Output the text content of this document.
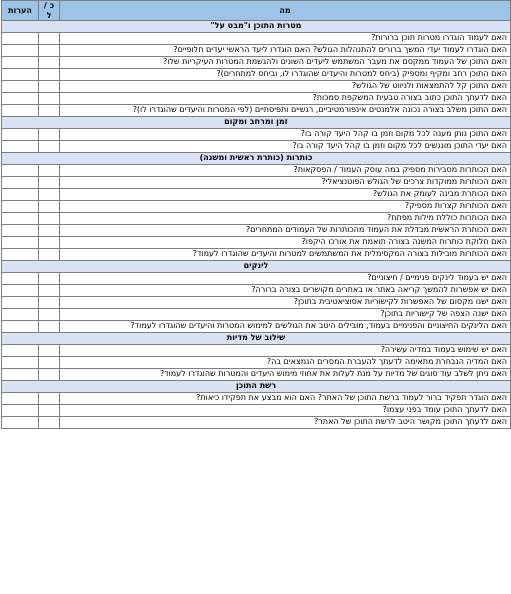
מה	כ / ל	הערות
מטרות התוכן ו"מבט על"		
האם לעמוד הוגדרו מטרות תוכן ברורות?		
האם הוגדרו לעמוד יעדי המשך ברורים להתנהלות הגולש? האם הוגדרו ליעד הראשי יעדים חלופיים?		
האם התוכן של העמוד ממקסם את מעבר המשתמש ליעדים השונים ולהגשמת המטרות העיקריות שלו?		
האם התוכן רחב ומקיף ומספיק (ביחס למטרות והיעדים שהוגדרו לו, וביחס למתחרים)?		
האם התוכן קל להתמצאות ולניווט של הגולש?		
האם לדעתך התוכן כתוב בצורה טבעית המשקפת סמכות?		
האם התוכן משלב בצורה נכונה אלמנטים אינפורמטיביים, רגשיים ותפיסתיים (לפי המטרות והיעדים שהוגדרו לו)?		
זמן ומרחב ומקום		
האם התוכן נותן מענה לכל מקום וזמן בו קהל היעד קורה בו?		
האם יעדי התוכן מונגשים לכל מקום וזמן בו קהל היעד קורה בו?		
כותרות (כותרת ראשית ומשנה)		
האם הכותרות מסבירות מספיק במה עוסק העמוד / הפסקאות?		
האם הכותרות ממוקדות צרכים של הגולש הפוטנציאלי?		
האם הכותרת מבינה לעומק את הגולש?		
האם הכותרות קצרות מספיק?		
האם הכותרות כוללת מילות מפתח?		
האם הכותרת הראשית מבדלת את העמוד מהכותרות של העמודים המתחרים?		
האם חלוקת כותרות המשנה בצורה תואמת את אורכו היקפו?		
האם הכותרות מובילות בצורה המקסימלית את המשתמשים למטרות והיעדים שהוגדרו לעמוד?		
לינקים		
האם יש בעמוד לינקים פנימיים / חיצוניים?		
האם יש אפשרות להמשך קריאה באתר או באתרים מקושרים בצורה ברורה?		
האם ישנו מקסום של האפשרות לקישוריות אסוציאטיבית בתוכן?		
האם ישנה הצפה של קישוריות בתוכן?		
האם הלינקים החיצוניים והפנימיים בעמוד, מובילים היטב את הגולשים למימוש המטרות והיעדים שהוגדרו לעמוד?		
שילוב של מדיות		
האם יש שימוש בעמוד במדיה עשירה?		
האם המדיה הנבחרת מתאימה לדעתך להעברת המסרים הנמצאים בה?		
האם ניתן לשלב עוד סוגים של מדיות על מנת לעלות את אחוזי מימוש היעדים והמטרות שהוגדרו לעמוד?		
רשת התוכן		
האם הוגדר תפקיד ברור לעמוד ברשת התוכן של האתר? האם הוא מבצע את תפקידו כיאות?		
האם לדעתך התוכן עומד בפני עצמו?		
האם לדעתך התוכן מקושר היטב לרשת התוכן של האתר?		
